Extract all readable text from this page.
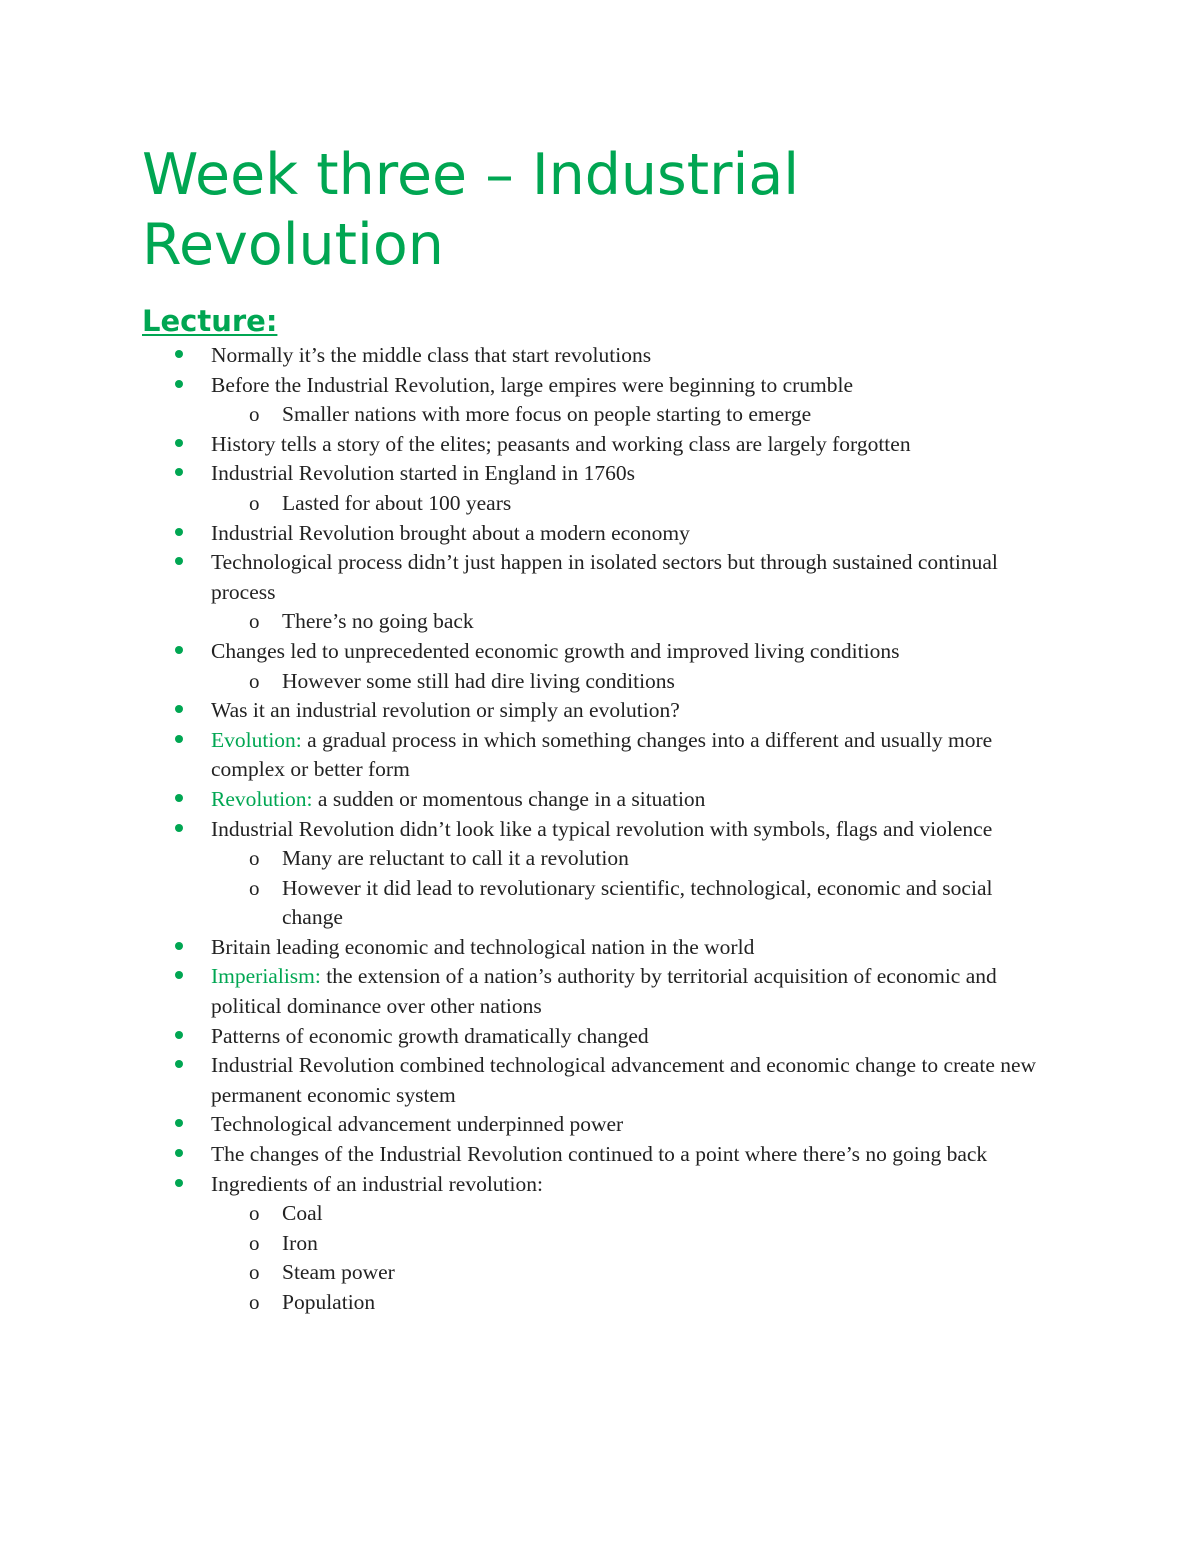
Week three – Industrial Revolution
Lecture:
Normally it’s the middle class that start revolutions
Before the Industrial Revolution, large empires were beginning to crumble
o Smaller nations with more focus on people starting to emerge
History tells a story of the elites; peasants and working class are largely forgotten
Industrial Revolution started in England in 1760s
o Lasted for about 100 years
Industrial Revolution brought about a modern economy
Technological process didn’t just happen in isolated sectors but through sustained continual process
o There’s no going back
Changes led to unprecedented economic growth and improved living conditions
o However some still had dire living conditions
Was it an industrial revolution or simply an evolution?
Evolution: a gradual process in which something changes into a different and usually more complex or better form
Revolution: a sudden or momentous change in a situation
Industrial Revolution didn’t look like a typical revolution with symbols, flags and violence
o Many are reluctant to call it a revolution
o However it did lead to revolutionary scientific, technological, economic and social change
Britain leading economic and technological nation in the world
Imperialism: the extension of a nation’s authority by territorial acquisition of economic and political dominance over other nations
Patterns of economic growth dramatically changed
Industrial Revolution combined technological advancement and economic change to create new permanent economic system
Technological advancement underpinned power
The changes of the Industrial Revolution continued to a point where there’s no going back
Ingredients of an industrial revolution:
o Coal
o Iron
o Steam power
o Population
